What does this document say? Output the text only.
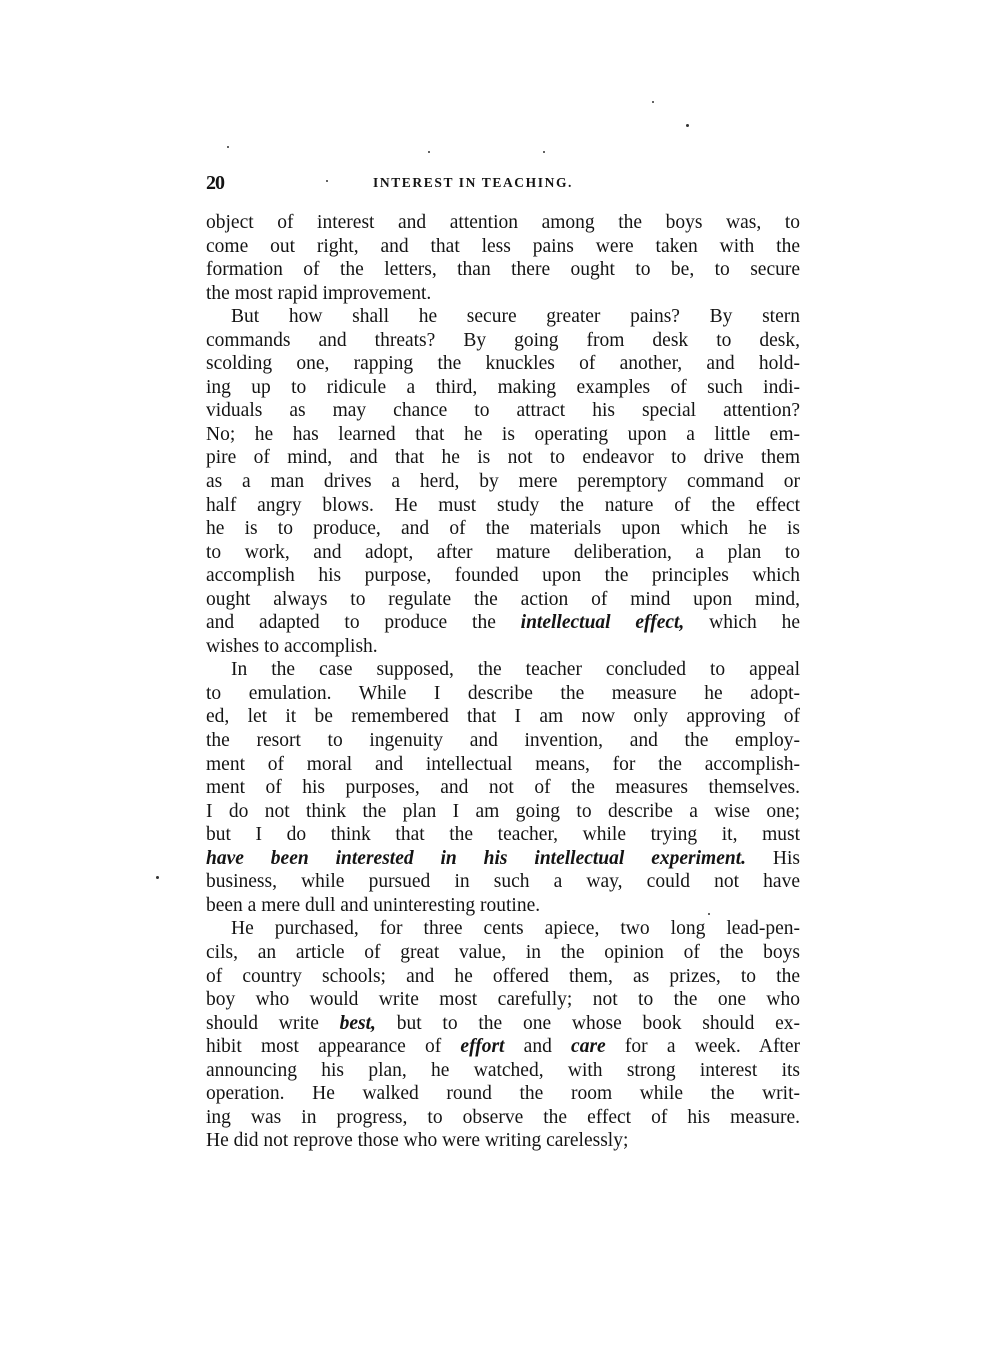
20	INTEREST IN TEACHING.
object of interest and attention among the boys was, to
come out right, and that less pains were taken with the
formation of the letters, than there ought to be, to secure
the most rapid improvement.
But how shall he secure greater pains? By stern
commands and threats? By going from desk to desk,
scolding one, rapping the knuckles of another, and hold-
ing up to ridicule a third, making examples of such indi-
viduals as may chance to attract his special attention?
No; he has learned that he is operating upon a little em-
pire of mind, and that he is not to endeavor to drive them
as a man drives a herd, by mere peremptory command or
half angry blows. He must study the nature of the effect
he is to produce, and of the materials upon which he is
to work, and adopt, after mature deliberation, a plan to
accomplish his purpose, founded upon the principles which
ought always to regulate the action of mind upon mind,
and adapted to produce the intellectual effect, which he
wishes to accomplish.
In the case supposed, the teacher concluded to appeal
to emulation. While I describe the measure he adopt-
ed, let it be remembered that I am now only approving of
the resort to ingenuity and invention, and the employ-
ment of moral and intellectual means, for the accomplish-
ment of his purposes, and not of the measures themselves.
I do not think the plan I am going to describe a wise one;
but I do think that the teacher, while trying it, must
have been interested in his intellectual experiment. His
business, while pursued in such a way, could not have
been a mere dull and uninteresting routine.
He purchased, for three cents apiece, two long lead-pen-
cils, an article of great value, in the opinion of the boys
of country schools; and he offered them, as prizes, to the
boy who would write most carefully; not to the one who
should write best, but to the one whose book should ex-
hibit most appearance of effort and care for a week. After
announcing his plan, he watched, with strong interest its
operation. He walked round the room while the writ-
ing was in progress, to observe the effect of his measure.
He did not reprove those who were writing carelessly;
